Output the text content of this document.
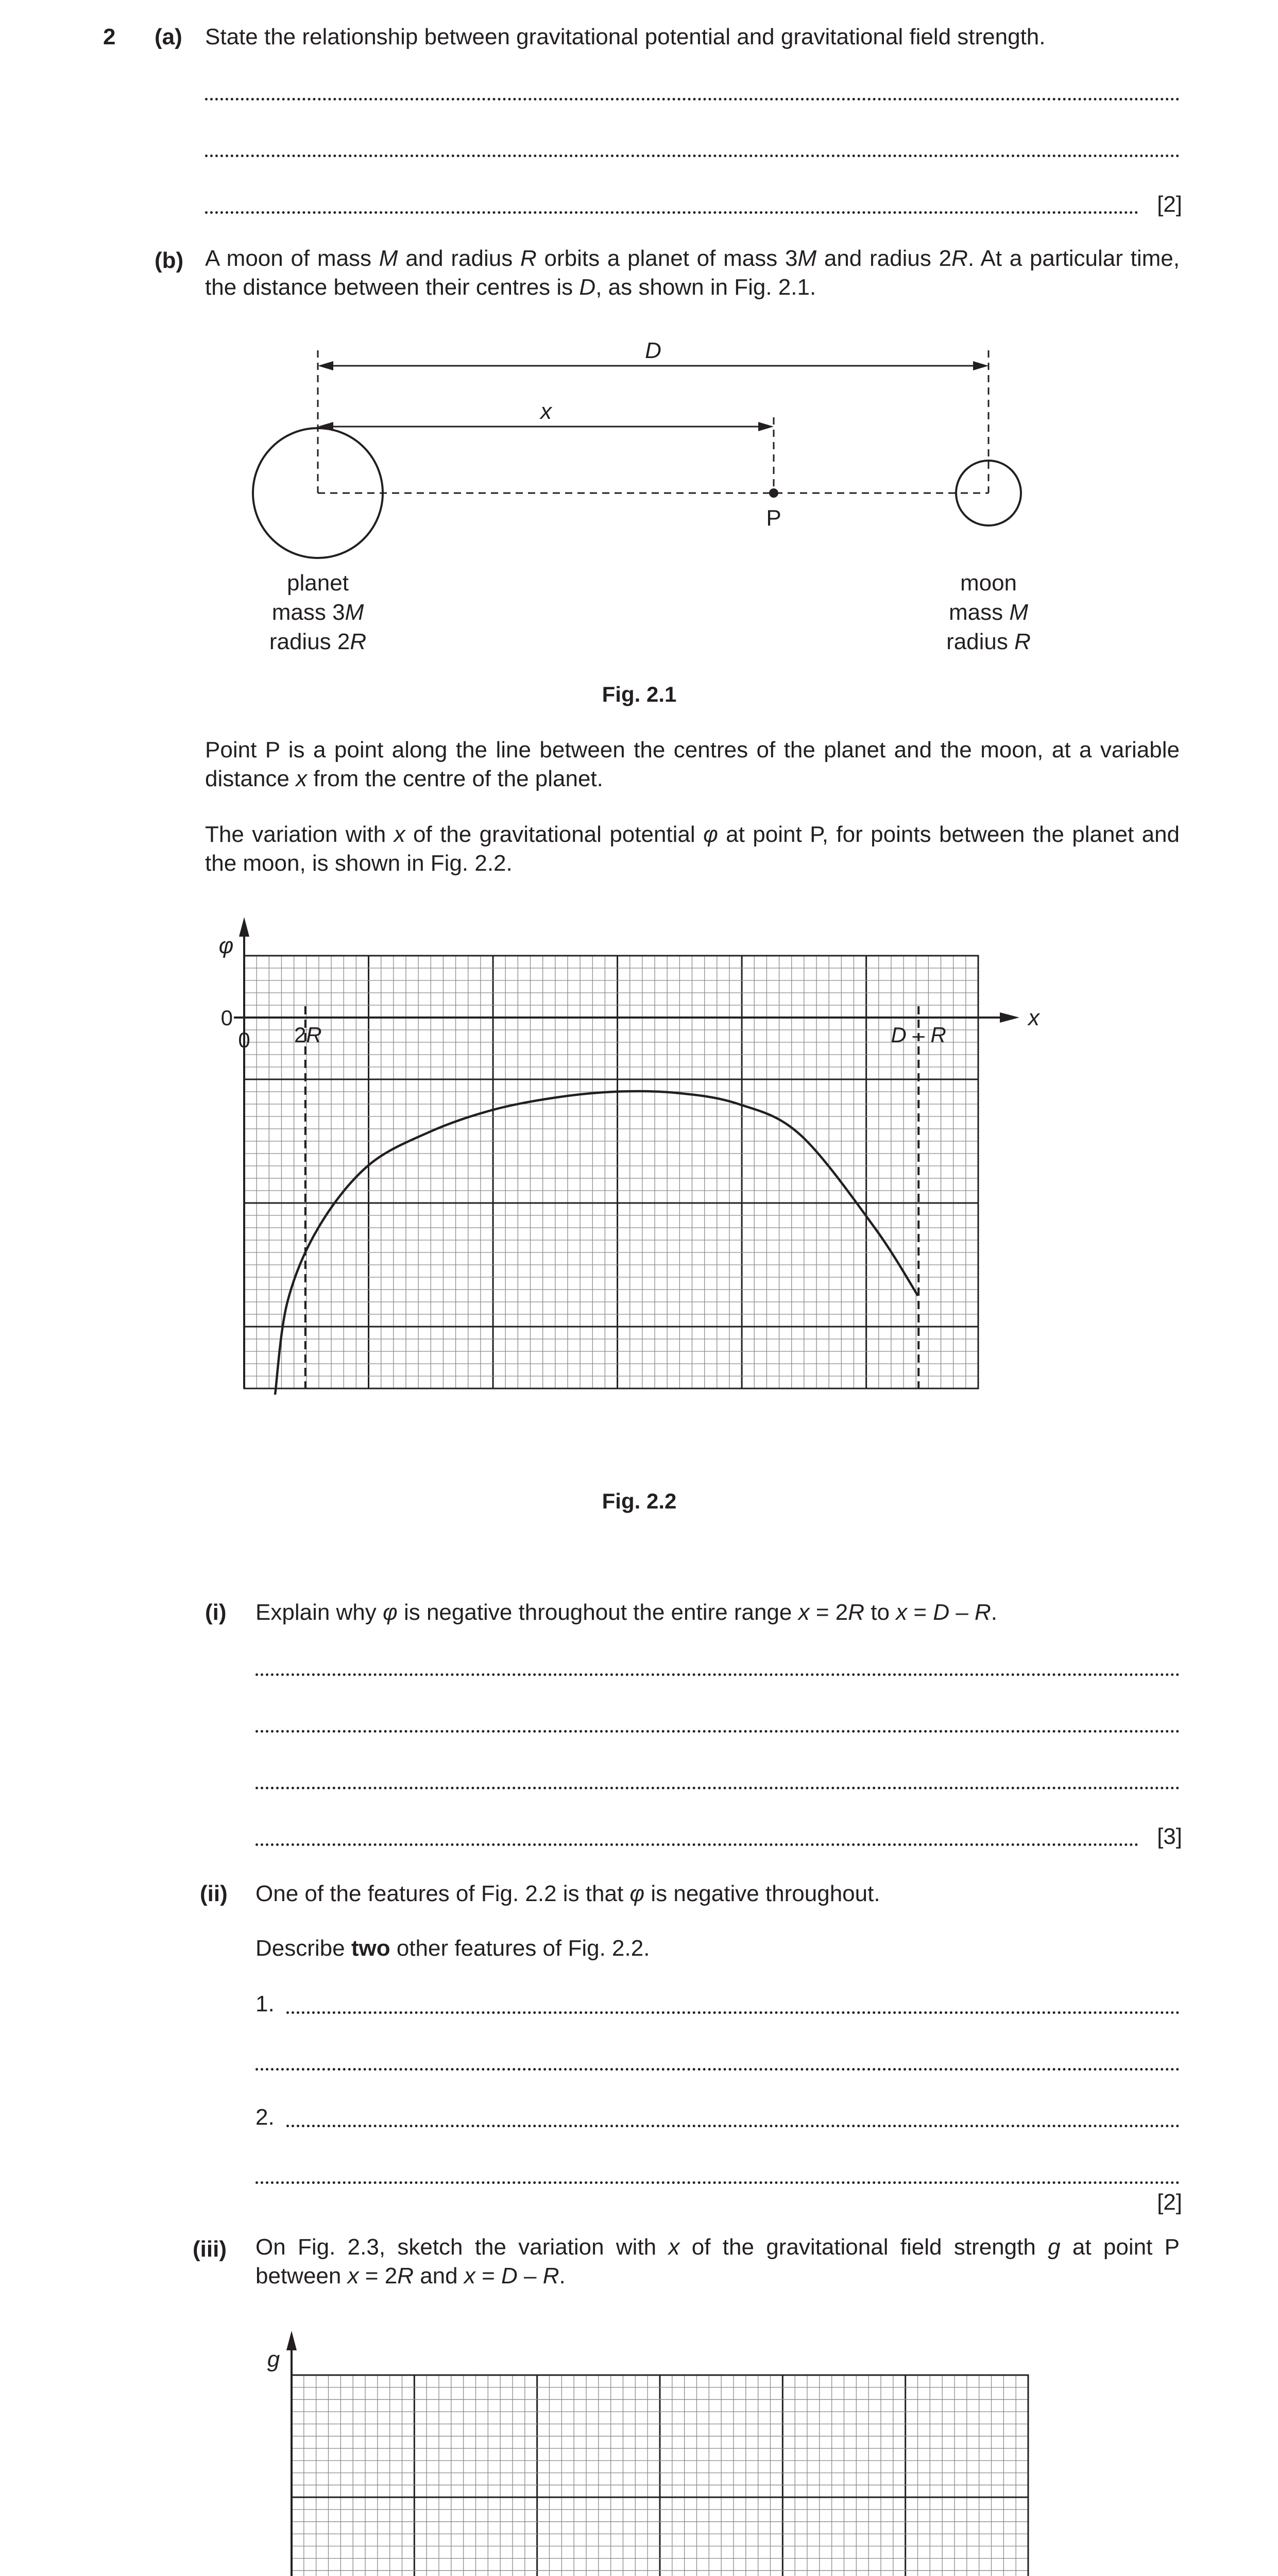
2 (a) State the relationship between gravitational potential and gravitational field strength.
[2]
(b) A moon of mass M and radius R orbits a planet of mass 3M and radius 2R. At a particular time, the distance between their centres is D, as shown in Fig. 2.1.
D
x
P
planet
mass 3M
radius 2R
moon
mass M
radius R
Fig. 2.1
Point P is a point along the line between the centres of the planet and the moon, at a variable distance x from the centre of the planet.
The variation with x of the gravitational potential φ at point P, for points between the planet and the moon, is shown in Fig. 2.2.
φ
x
0
0 2R	D – R
Fig. 2.2
(i) Explain why φ is negative throughout the entire range x = 2R to x = D – R.
[3]
(ii) One of the features of Fig. 2.2 is that φ is negative throughout.
Describe two other features of Fig. 2.2.
1.
2.
[2]
(iii) On Fig. 2.3, sketch the variation with x of the gravitational field strength g at point P between x = 2R and x = D – R.
g
